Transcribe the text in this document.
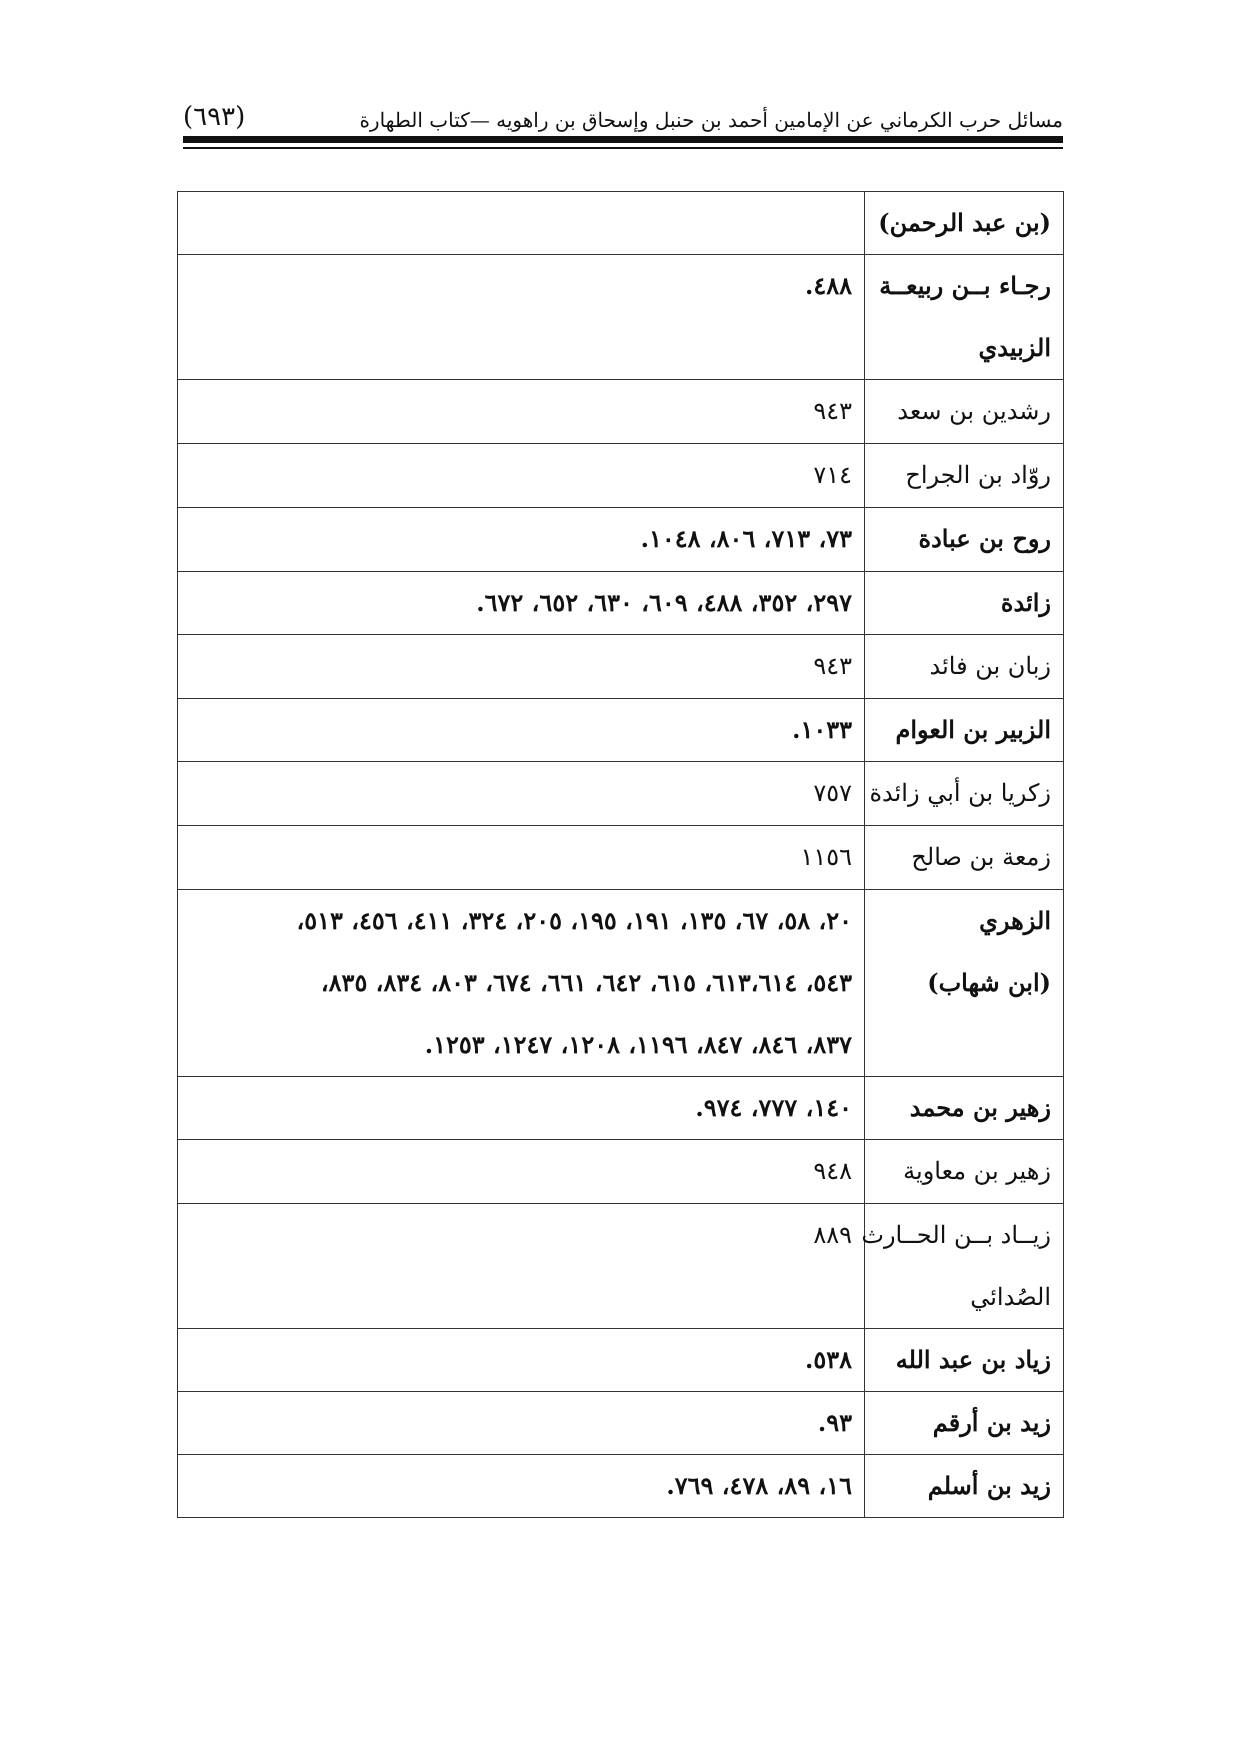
مسائل حرب الكرماني عن الإمامين أحمد بن حنبل وإسحاق بن راهويه —كتاب الطهارة
(٦٩٣)
(بن عبد الرحمن)	

رجـاء بــن ربيعــة
الزبيدي	٤٨٨.

رشدين بن سعد	٩٤٣

روّاد بن الجراح	٧١٤

روح بن عبادة	٧٣، ٧١٣، ٨٠٦، ١٠٤٨.

زائدة	٢٩٧، ٣٥٢، ٤٨٨، ٦٠٩، ٦٣٠، ٦٥٢، ٦٧٢.

زبان بن فائد	٩٤٣

الزبير بن العوام	١٠٣٣.

زكريا بن أبي زائدة	٧٥٧

زمعة بن صالح	١١٥٦

الزهري
(ابن شهاب)	٢٠، ٥٨، ٦٧، ١٣٥، ١٩١، ١٩٥، ٢٠٥، ٣٢٤، ٤١١، ٤٥٦، ٥١٣،
٥٤٣، ٦١٣،٦١٤، ٦١٥، ٦٤٢، ٦٦١، ٦٧٤، ٨٠٣، ٨٣٤، ٨٣٥،
٨٣٧، ٨٤٦، ٨٤٧، ١١٩٦، ١٢٠٨، ١٢٤٧، ١٢٥٣.

زهير بن محمد	١٤٠، ٧٧٧، ٩٧٤.

زهير بن معاوية	٩٤٨

زيــاد بــن الحــارث
الصُدائي	٨٨٩

زياد بن عبد الله	٥٣٨.

زيد بن أرقم	٩٣.

زيد بن أسلم	١٦، ٨٩، ٤٧٨، ٧٦٩.
